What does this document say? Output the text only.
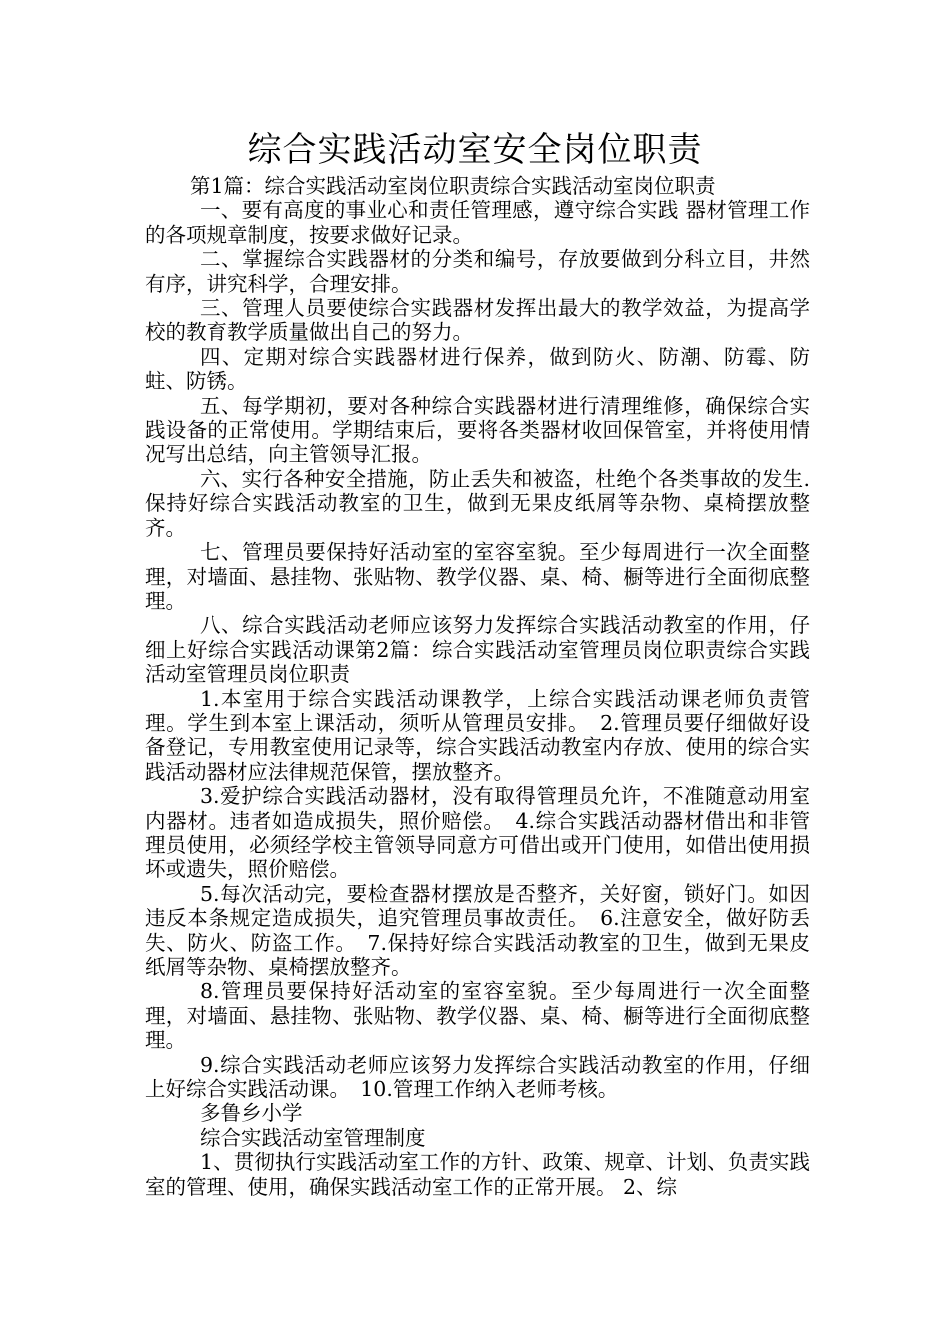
综合实践活动室安全岗位职责

第1篇：综合实践活动室岗位职责综合实践活动室岗位职责

一、要有高度的事业心和责任管理感，遵守综合实践 器材管理工作的各项规章制度，按要求做好记录。

二、掌握综合实践器材的分类和编号，存放要做到分科立目，井然有序，讲究科学，合理安排。

三、管理人员要使综合实践器材发挥出最大的教学效益，为提高学校的教育教学质量做出自己的努力。

四、定期对综合实践器材进行保养，做到防火、防潮、防霉、防蛀、防锈。

五、每学期初，要对各种综合实践器材进行清理维修，确保综合实践设备的正常使用。学期结束后，要将各类器材收回保管室，并将使用情况写出总结，向主管领导汇报。

六、实行各种安全措施，防止丢失和被盗，杜绝个各类事故的发生.保持好综合实践活动教室的卫生，做到无果皮纸屑等杂物、桌椅摆放整齐。

七、管理员要保持好活动室的室容室貌。至少每周进行一次全面整理，对墙面、悬挂物、张贴物、教学仪器、桌、椅、橱等进行全面彻底整理。

八、综合实践活动老师应该努力发挥综合实践活动教室的作用，仔细上好综合实践活动课第2篇：综合实践活动室管理员岗位职责综合实践活动室管理员岗位职责

1.本室用于综合实践活动课教学，上综合实践活动课老师负责管理。学生到本室上课活动，须听从管理员安排。　2.管理员要仔细做好设备登记，专用教室使用记录等，综合实践活动教室内存放、使用的综合实践活动器材应法律规范保管，摆放整齐。

3.爱护综合实践活动器材，没有取得管理员允许，不准随意动用室内器材。违者如造成损失，照价赔偿。　4.综合实践活动器材借出和非管理员使用，必须经学校主管领导同意方可借出或开门使用，如借出使用损坏或遗失，照价赔偿。

5.每次活动完，要检查器材摆放是否整齐，关好窗，锁好门。如因违反本条规定造成损失，追究管理员事故责任。　6.注意安全，做好防丢失、防火、防盗工作。　7.保持好综合实践活动教室的卫生，做到无果皮纸屑等杂物、桌椅摆放整齐。

8.管理员要保持好活动室的室容室貌。至少每周进行一次全面整理，对墙面、悬挂物、张贴物、教学仪器、桌、椅、橱等进行全面彻底整理。

9.综合实践活动老师应该努力发挥综合实践活动教室的作用，仔细上好综合实践活动课。　10.管理工作纳入老师考核。

多鲁乡小学

综合实践活动室管理制度

1、贯彻执行实践活动室工作的方针、政策、规章、计划、负责实践室的管理、使用，确保实践活动室工作的正常开展。 2、综
